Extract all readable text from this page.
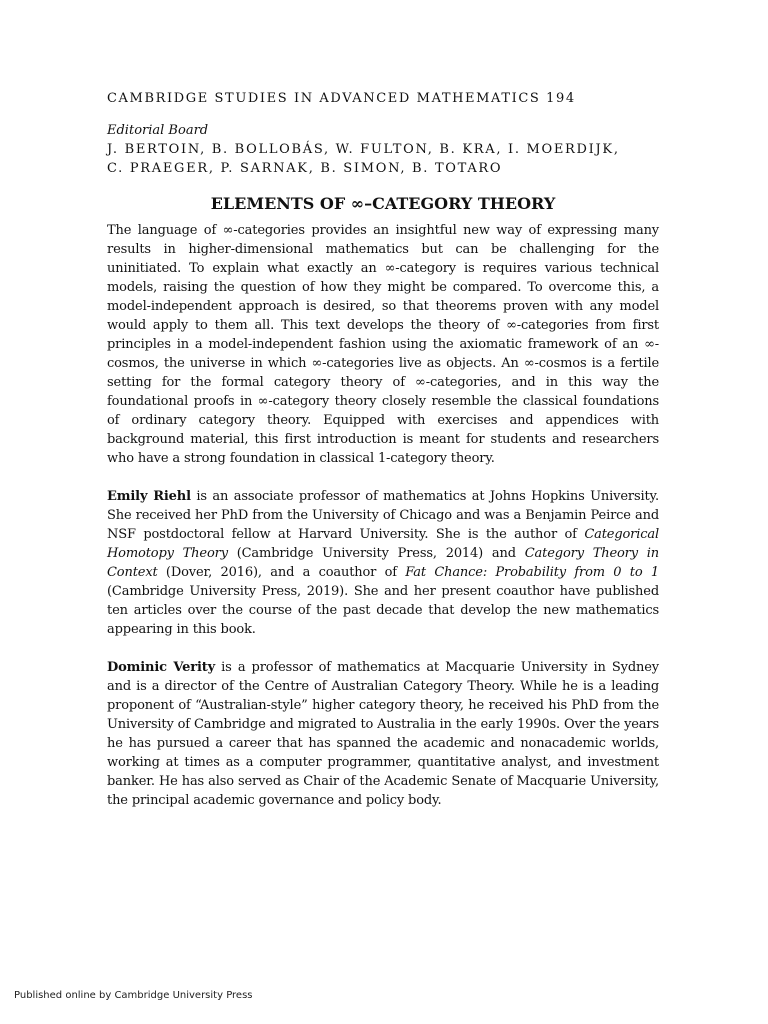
CAMBRIDGE STUDIES IN ADVANCED MATHEMATICS 194
Editorial Board
J. BERTOIN, B. BOLLOBÁS, W. FULTON, B. KRA, I. MOERDIJK,
C. PRAEGER, P. SARNAK, B. SIMON, B. TOTARO
ELEMENTS OF ∞–CATEGORY THEORY

The language of ∞-categories provides an insightful new way of expressing many results in higher-dimensional mathematics but can be challenging for the uninitiated. To explain what exactly an ∞-category is requires various technical models, raising the question of how they might be compared. To overcome this, a model-independent approach is desired, so that theorems proven with any model would apply to them all. This text develops the theory of ∞-categories from first principles in a model-independent fashion using the axiomatic framework of an ∞-cosmos, the universe in which ∞-categories live as objects. An ∞-cosmos is a fertile setting for the formal category theory of ∞-categories, and in this way the foundational proofs in ∞-category theory closely resemble the classical foundations of ordinary category theory. Equipped with exercises and appendices with background material, this first introduction is meant for students and researchers who have a strong foundation in classical 1-category theory.

Emily Riehl is an associate professor of mathematics at Johns Hopkins University. She received her PhD from the University of Chicago and was a Benjamin Peirce and NSF postdoctoral fellow at Harvard University. She is the author of Categorical Homotopy Theory (Cambridge University Press, 2014) and Category Theory in Context (Dover, 2016), and a coauthor of Fat Chance: Probability from 0 to 1 (Cambridge University Press, 2019). She and her present coauthor have published ten articles over the course of the past decade that develop the new mathematics appearing in this book.

Dominic Verity is a professor of mathematics at Macquarie University in Sydney and is a director of the Centre of Australian Category Theory. While he is a leading proponent of “Australian-style” higher category theory, he received his PhD from the University of Cambridge and migrated to Australia in the early 1990s. Over the years he has pursued a career that has spanned the academic and nonacademic worlds, working at times as a computer programmer, quantitative analyst, and investment banker. He has also served as Chair of the Academic Senate of Macquarie University, the principal academic governance and policy body.

Published online by Cambridge University Press
